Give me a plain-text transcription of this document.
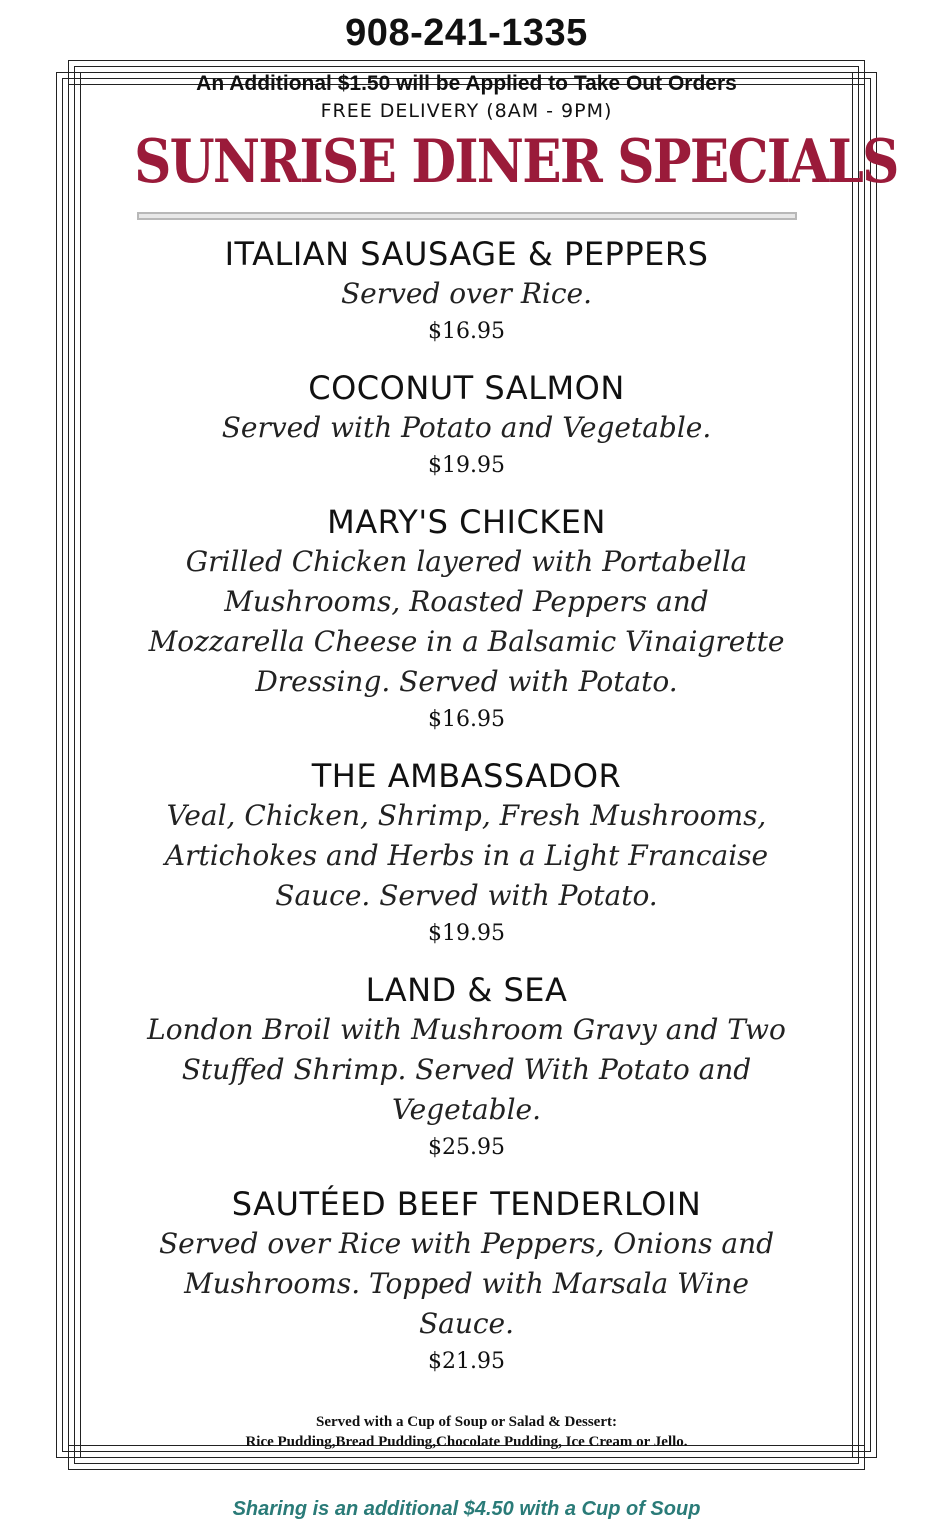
908-241-1335

An Additional $1.50 will be Applied to Take Out Orders

FREE DELIVERY (8AM - 9PM)

SUNRISE DINER SPECIALS

ITALIAN SAUSAGE & PEPPERS

Served over Rice.

$16.95

COCONUT SALMON

Served with Potato and Vegetable.

$19.95

MARY'S CHICKEN

Grilled Chicken layered with Portabella Mushrooms, Roasted Peppers and Mozzarella Cheese in a Balsamic Vinaigrette Dressing. Served with Potato.

$16.95

THE AMBASSADOR

Veal, Chicken, Shrimp, Fresh Mushrooms, Artichokes and Herbs in a Light Francaise Sauce. Served with Potato.

$19.95

LAND & SEA

London Broil with Mushroom Gravy and Two Stuffed Shrimp. Served With Potato and Vegetable.

$25.95

SAUTÉED BEEF TENDERLOIN

Served over Rice with Peppers, Onions and Mushrooms. Topped with Marsala Wine Sauce.

$21.95

Served with a Cup of Soup or Salad & Dessert:
Rice Pudding,Bread Pudding,Chocolate Pudding, Ice Cream or Jello.
Sharing is an additional $4.50 with a Cup of Soup
